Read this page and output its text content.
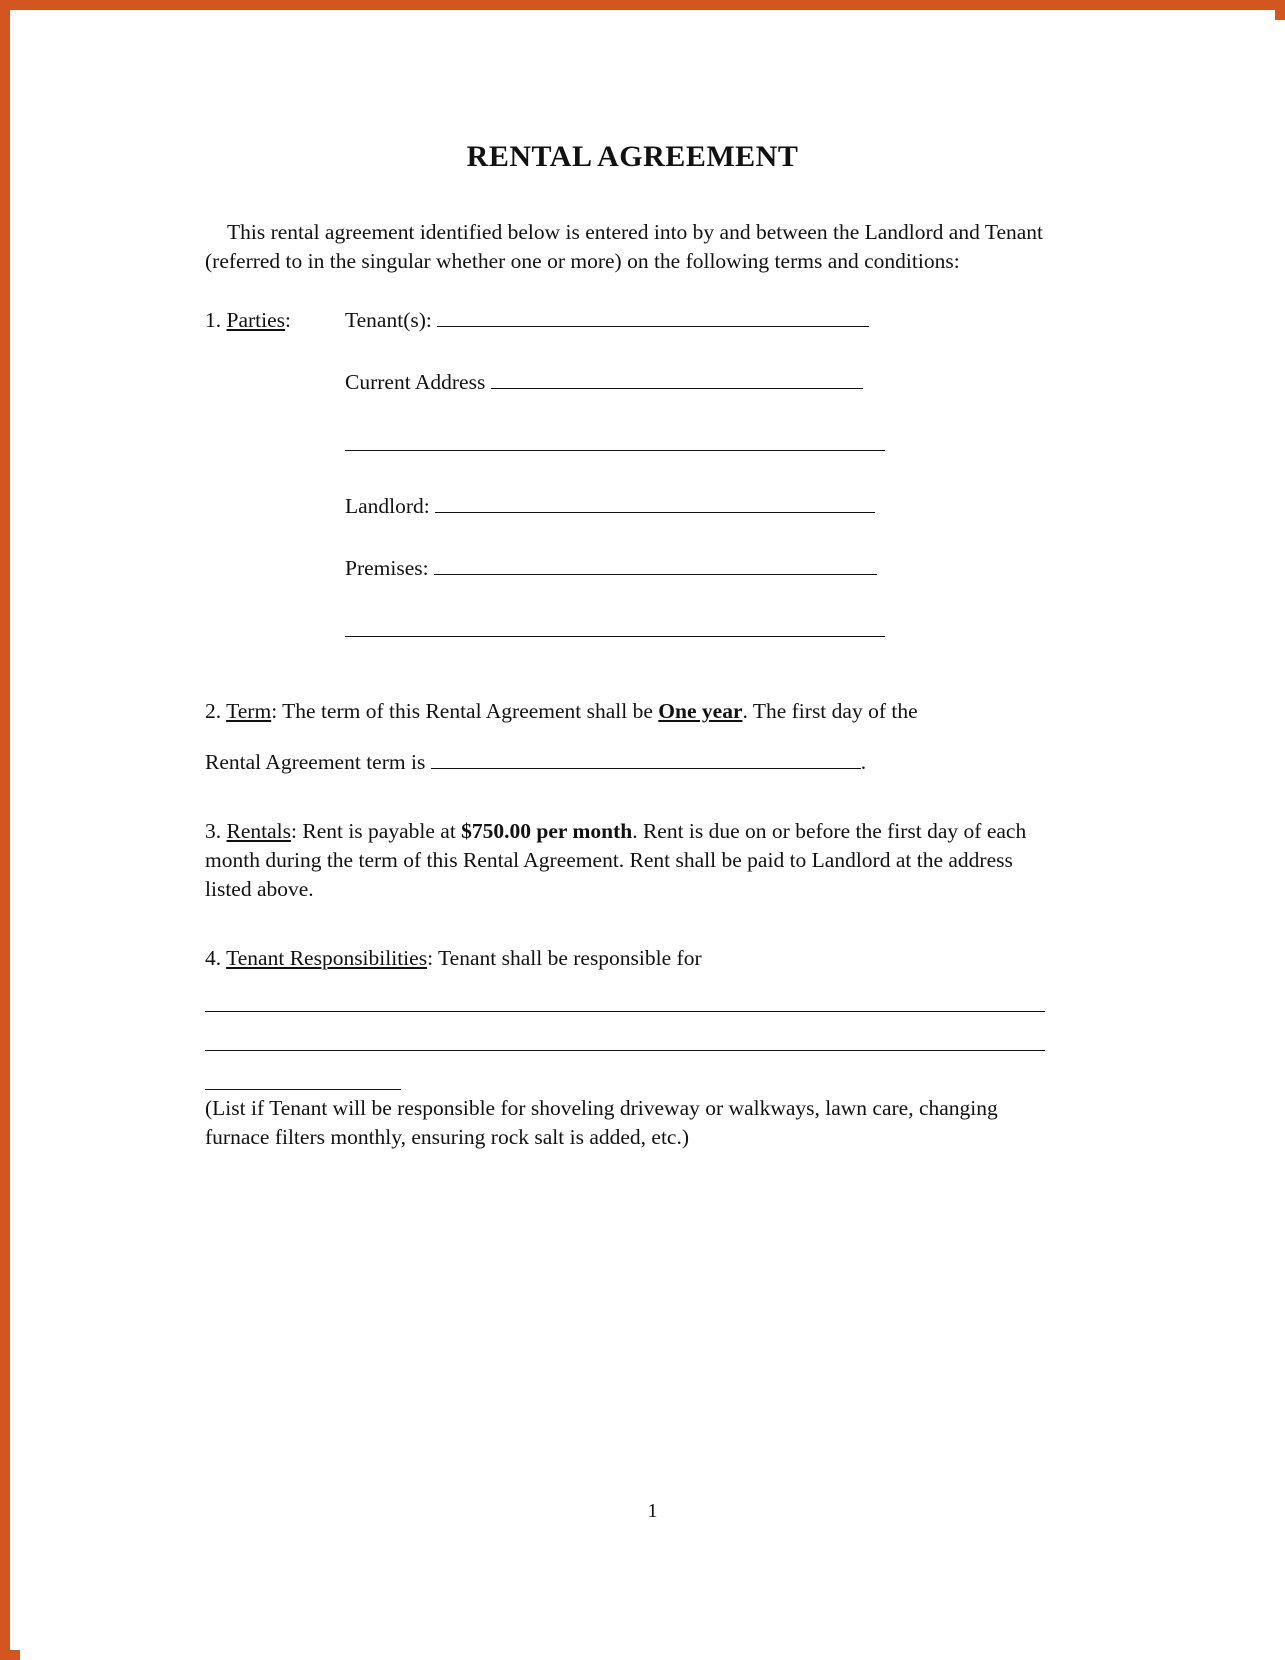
RENTAL AGREEMENT

This rental agreement identified below is entered into by and between the Landlord and Tenant (referred to in the singular whether one or more) on the following terms and conditions:

1. Parties:	Tenant(s):
Current Address
Landlord:
Premises:

2. Term: The term of this Rental Agreement shall be One year. The first day of the

Rental Agreement term is	.

3. Rentals: Rent is payable at $750.00 per month. Rent is due on or before the first day of each month during the term of this Rental Agreement. Rent shall be paid to Landlord at the address listed above.

4. Tenant Responsibilities: Tenant shall be responsible for

(List if Tenant will be responsible for shoveling driveway or walkways, lawn care, changing furnace filters monthly, ensuring rock salt is added, etc.)

1
